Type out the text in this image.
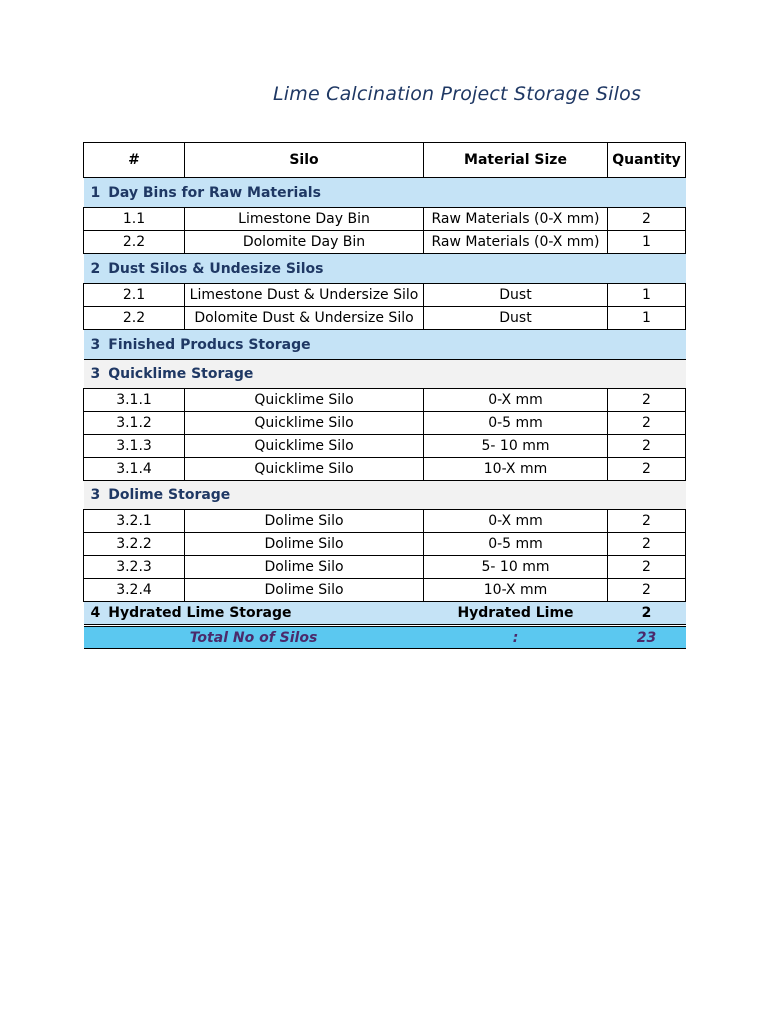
Lime Calcination Project Storage Silos
#	Silo	Material Size	Quantity
1 Day Bins for Raw Materials			
1.1	Limestone Day Bin	Raw Materials (0-X mm)	2
2.2	Dolomite Day Bin	Raw Materials (0-X mm)	1
2 Dust Silos & Undesize Silos			
2.1	Limestone Dust & Undersize Silo	Dust	1
2.2	Dolomite Dust & Undersize Silo	Dust	1
3 Finished Producs Storage			
3 Quicklime Storage			
3.1.1	Quicklime Silo	0-X mm	2
3.1.2	Quicklime Silo	0-5 mm	2
3.1.3	Quicklime Silo	5- 10 mm	2
3.1.4	Quicklime Silo	10-X mm	2
3 Dolime Storage			
3.2.1	Dolime Silo	0-X mm	2
3.2.2	Dolime Silo	0-5 mm	2
3.2.3	Dolime Silo	5- 10 mm	2
3.2.4	Dolime Silo	10-X mm	2
4 Hydrated Lime Storage		Hydrated Lime	2
Total No of Silos		:	23
